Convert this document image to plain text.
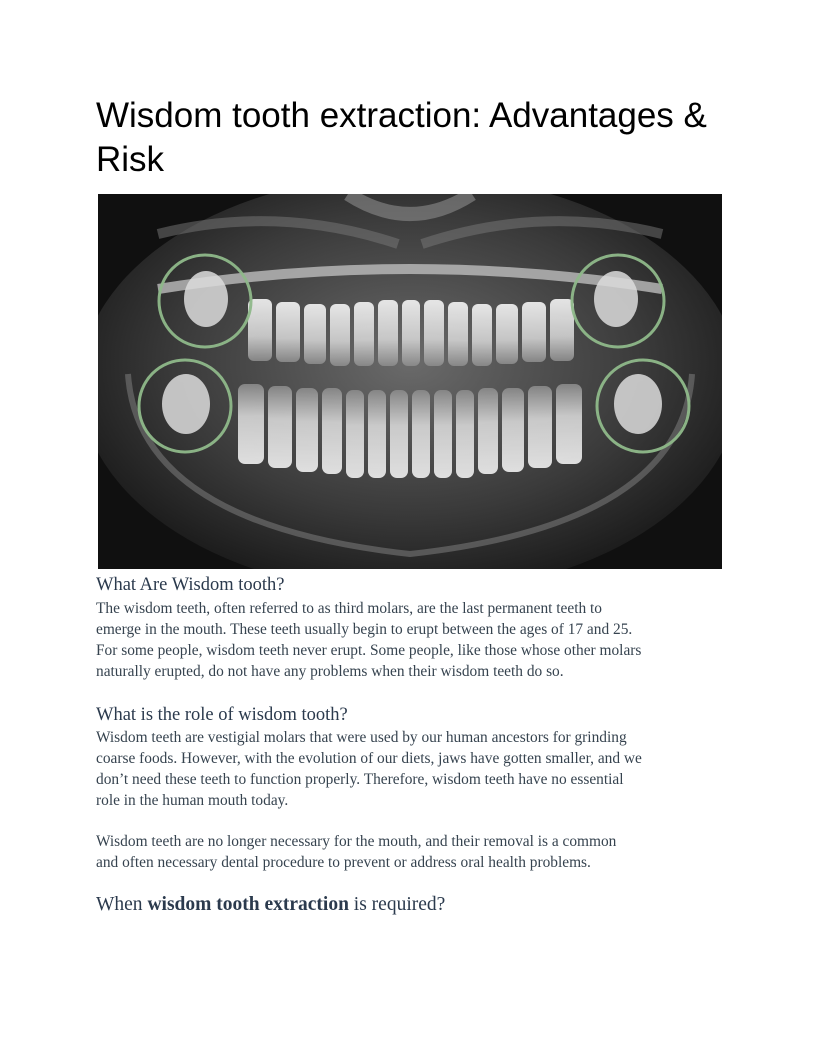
Wisdom tooth extraction: Advantages & Risk
What Are Wisdom tooth?

The wisdom teeth, often referred to as third molars, are the last permanent teeth to
emerge in the mouth. These teeth usually begin to erupt between the ages of 17 and 25.
For some people, wisdom teeth never erupt. Some people, like those whose other molars
naturally erupted, do not have any problems when their wisdom teeth do so.

What is the role of wisdom tooth?

Wisdom teeth are vestigial molars that were used by our human ancestors for grinding
coarse foods. However, with the evolution of our diets, jaws have gotten smaller, and we
don’t need these teeth to function properly. Therefore, wisdom teeth have no essential
role in the human mouth today.

Wisdom teeth are no longer necessary for the mouth, and their removal is a common
and often necessary dental procedure to prevent or address oral health problems.

When wisdom tooth extraction is required?
